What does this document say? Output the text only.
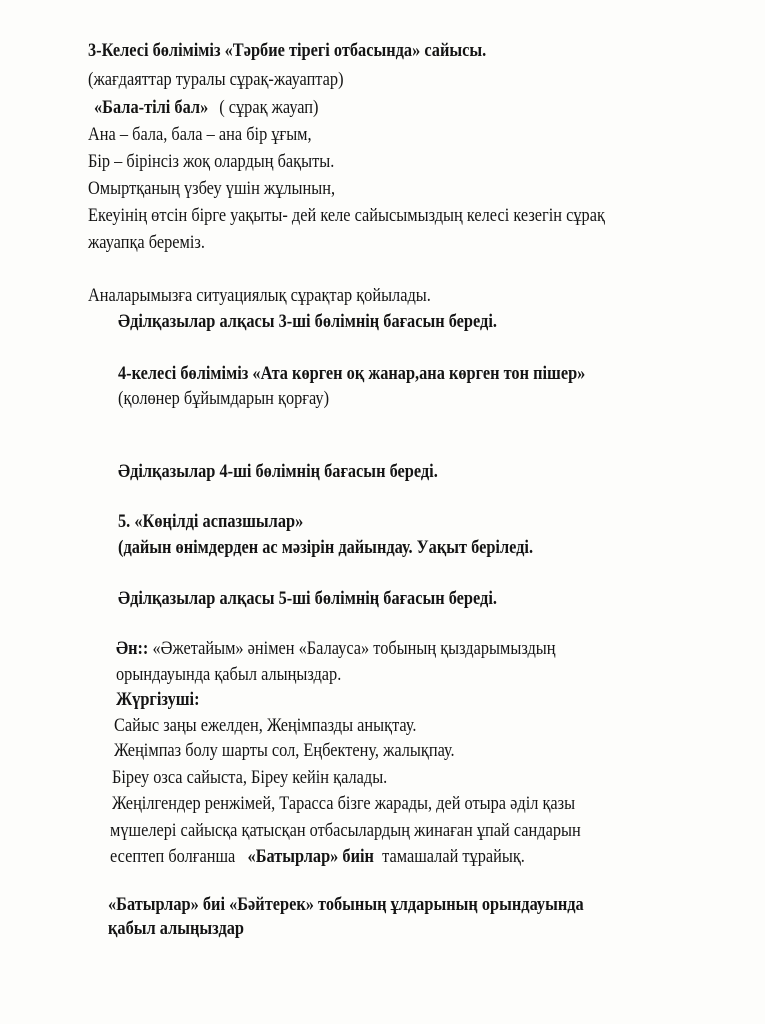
3-Келесі бөліміміз «Тәрбие тірегі отбасында» сайысы.
(жағдаяттар туралы сұрақ-жауаптар)
«Бала-тілі бал» ( сұрақ жауап)
Ана – бала, бала – ана бір ұғым,
Бір – бірінсіз жоқ олардың бақыты.
Омыртқаның үзбеу үшін жұлынын,
Екеуінің өтсін бірге уақыты- дей келе сайысымыздың келесі кезегін сұрақ
жауапқа береміз.
Аналарымызға ситуациялық сұрақтар қойылады.
Әділқазылар алқасы 3-ші бөлімнің бағасын береді.
4-келесі бөліміміз «Ата көрген оқ жанар,ана көрген тон пішер»
(қолөнер бұйымдарын қорғау)
Әділқазылар 4-ші бөлімнің бағасын береді.
5. «Көңілді аспазшылар»
(дайын өнімдерден ас мәзірін дайындау. Уақыт беріледі.
Әділқазылар алқасы 5-ші бөлімнің бағасын береді.
Ән:: «Әжетайым» әнімен «Балауса» тобының қыздарымыздың
орындауында қабыл алыңыздар.
Жүргізуші:
Сайыс заңы ежелден, Жеңімпазды анықтау.
Жеңімпаз болу шарты сол, Еңбектену, жалықпау.
Біреу озса сайыста, Біреу кейін қалады.
Жеңілгендер ренжімей, Тарасса бізге жарады, дей отыра әділ қазы
мүшелері сайысқа қатысқан отбасылардың жинаған ұпай сандарын
есептеп болғанша   «Батырлар» биін  тамашалай тұрайық.
«Батырлар» биі «Бәйтерек» тобының ұлдарының орындауында
қабыл алыңыздар
